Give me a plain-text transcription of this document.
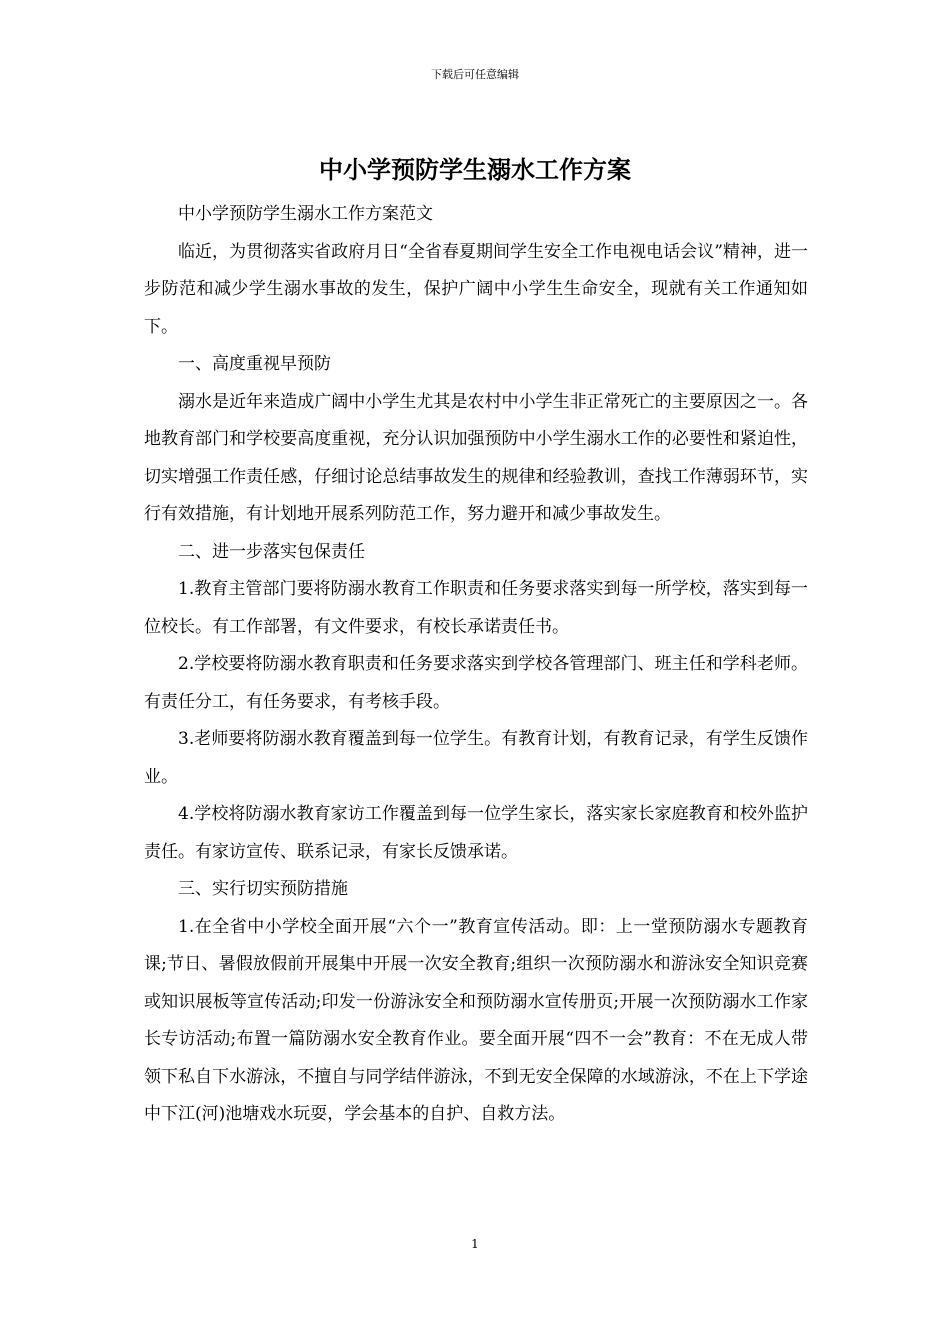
下载后可任意编辑
中小学预防学生溺水工作方案

中小学预防学生溺水工作方案范文

临近，为贯彻落实省政府月日“全省春夏期间学生安全工作电视电话会议”精神，进一步防范和减少学生溺水事故的发生，保护广阔中小学生生命安全，现就有关工作通知如下。

一、高度重视早预防

溺水是近年来造成广阔中小学生尤其是农村中小学生非正常死亡的主要原因之一。各地教育部门和学校要高度重视，充分认识加强预防中小学生溺水工作的必要性和紧迫性，切实增强工作责任感，仔细讨论总结事故发生的规律和经验教训，查找工作薄弱环节，实行有效措施，有计划地开展系列防范工作，努力避开和减少事故发生。

二、进一步落实包保责任

1.教育主管部门要将防溺水教育工作职责和任务要求落实到每一所学校，落实到每一位校长。有工作部署，有文件要求，有校长承诺责任书。

2.学校要将防溺水教育职责和任务要求落实到学校各管理部门、班主任和学科老师。有责任分工，有任务要求，有考核手段。

3.老师要将防溺水教育覆盖到每一位学生。有教育计划，有教育记录，有学生反馈作业。

4.学校将防溺水教育家访工作覆盖到每一位学生家长，落实家长家庭教育和校外监护责任。有家访宣传、联系记录，有家长反馈承诺。

三、实行切实预防措施

1.在全省中小学校全面开展“六个一”教育宣传活动。即：上一堂预防溺水专题教育课;节日、暑假放假前开展集中开展一次安全教育;组织一次预防溺水和游泳安全知识竞赛或知识展板等宣传活动;印发一份游泳安全和预防溺水宣传册页;开展一次预防溺水工作家长专访活动;布置一篇防溺水安全教育作业。要全面开展“四不一会”教育：不在无成人带领下私自下水游泳，不擅自与同学结伴游泳，不到无安全保障的水域游泳，不在上下学途中下江(河)池塘戏水玩耍，学会基本的自护、自救方法。

1
